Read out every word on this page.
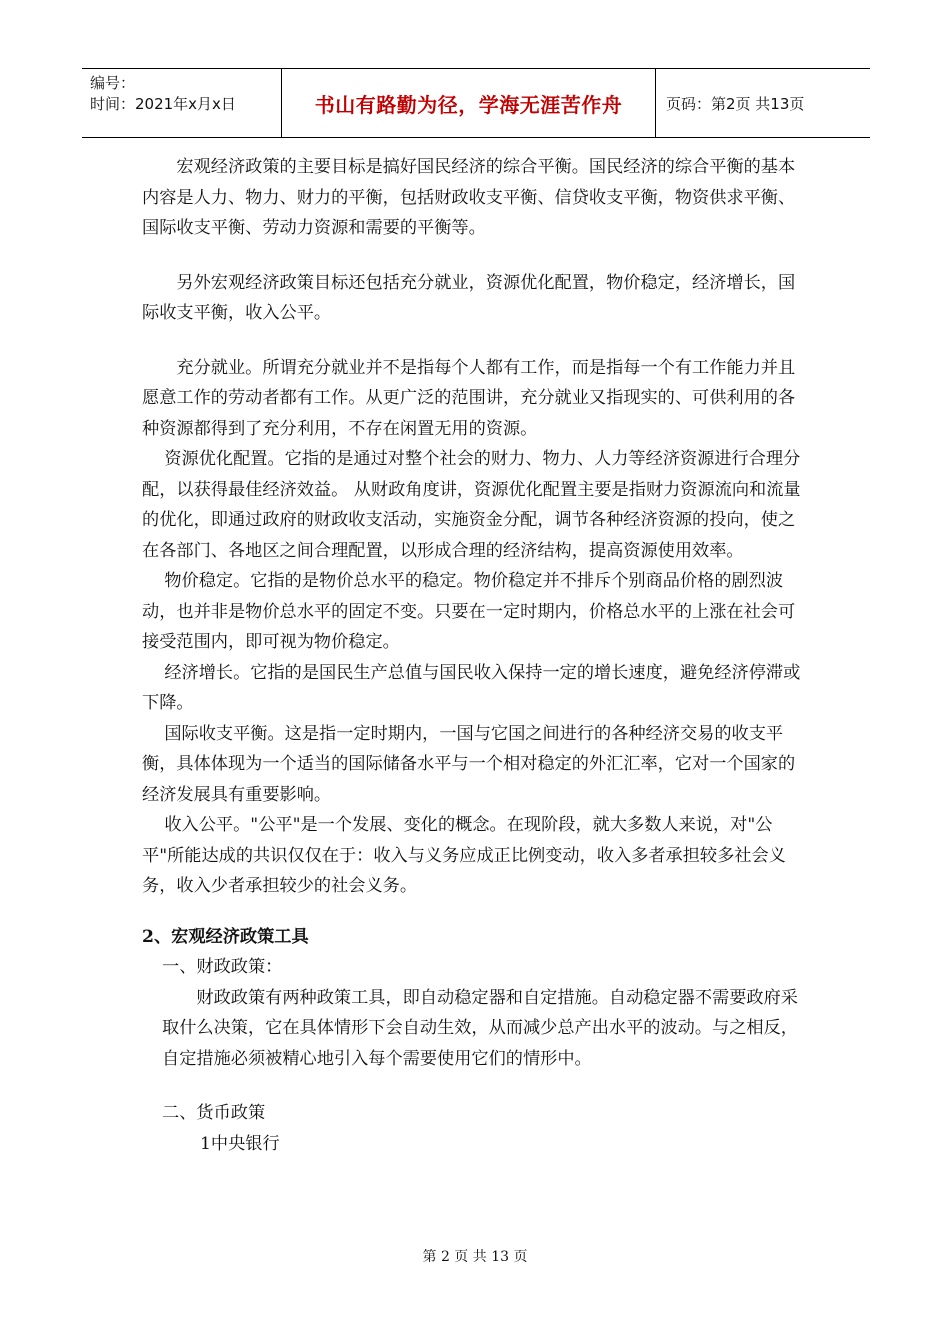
编号：
时间：2021年x月x日	书山有路勤为径，学海无涯苦作舟	页码：第2页 共13页

宏观经济政策的主要目标是搞好国民经济的综合平衡。国民经济的综合平衡的基本内容是人力、物力、财力的平衡，包括财政收支平衡、信贷收支平衡，物资供求平衡、国际收支平衡、劳动力资源和需要的平衡等。

另外宏观经济政策目标还包括充分就业，资源优化配置，物价稳定，经济增长，国际收支平衡，收入公平。

充分就业。所谓充分就业并不是指每个人都有工作，而是指每一个有工作能力并且愿意工作的劳动者都有工作。从更广泛的范围讲，充分就业又指现实的、可供利用的各种资源都得到了充分利用，不存在闲置无用的资源。

资源优化配置。它指的是通过对整个社会的财力、物力、人力等经济资源进行合理分配，以获得最佳经济效益。 从财政角度讲，资源优化配置主要是指财力资源流向和流量的优化，即通过政府的财政收支活动，实施资金分配，调节各种经济资源的投向，使之在各部门、各地区之间合理配置，以形成合理的经济结构，提高资源使用效率。

物价稳定。它指的是物价总水平的稳定。物价稳定并不排斥个别商品价格的剧烈波动，也并非是物价总水平的固定不变。只要在一定时期内，价格总水平的上涨在社会可接受范围内，即可视为物价稳定。

经济增长。它指的是国民生产总值与国民收入保持一定的增长速度，避免经济停滞或下降。

国际收支平衡。这是指一定时期内，一国与它国之间进行的各种经济交易的收支平衡，具体体现为一个适当的国际储备水平与一个相对稳定的外汇汇率，它对一个国家的经济发展具有重要影响。

收入公平。"公平"是一个发展、变化的概念。在现阶段，就大多数人来说，对"公平"所能达成的共识仅仅在于：收入与义务应成正比例变动，收入多者承担较多社会义务，收入少者承担较少的社会义务。

2、宏观经济政策工具

一、财政政策：

财政政策有两种政策工具，即自动稳定器和自定措施。自动稳定器不需要政府采取什么决策，它在具体情形下会自动生效，从而减少总产出水平的波动。与之相反，自定措施必须被精心地引入每个需要使用它们的情形中。

二、货币政策

1中央银行

第 2 页 共 13 页
